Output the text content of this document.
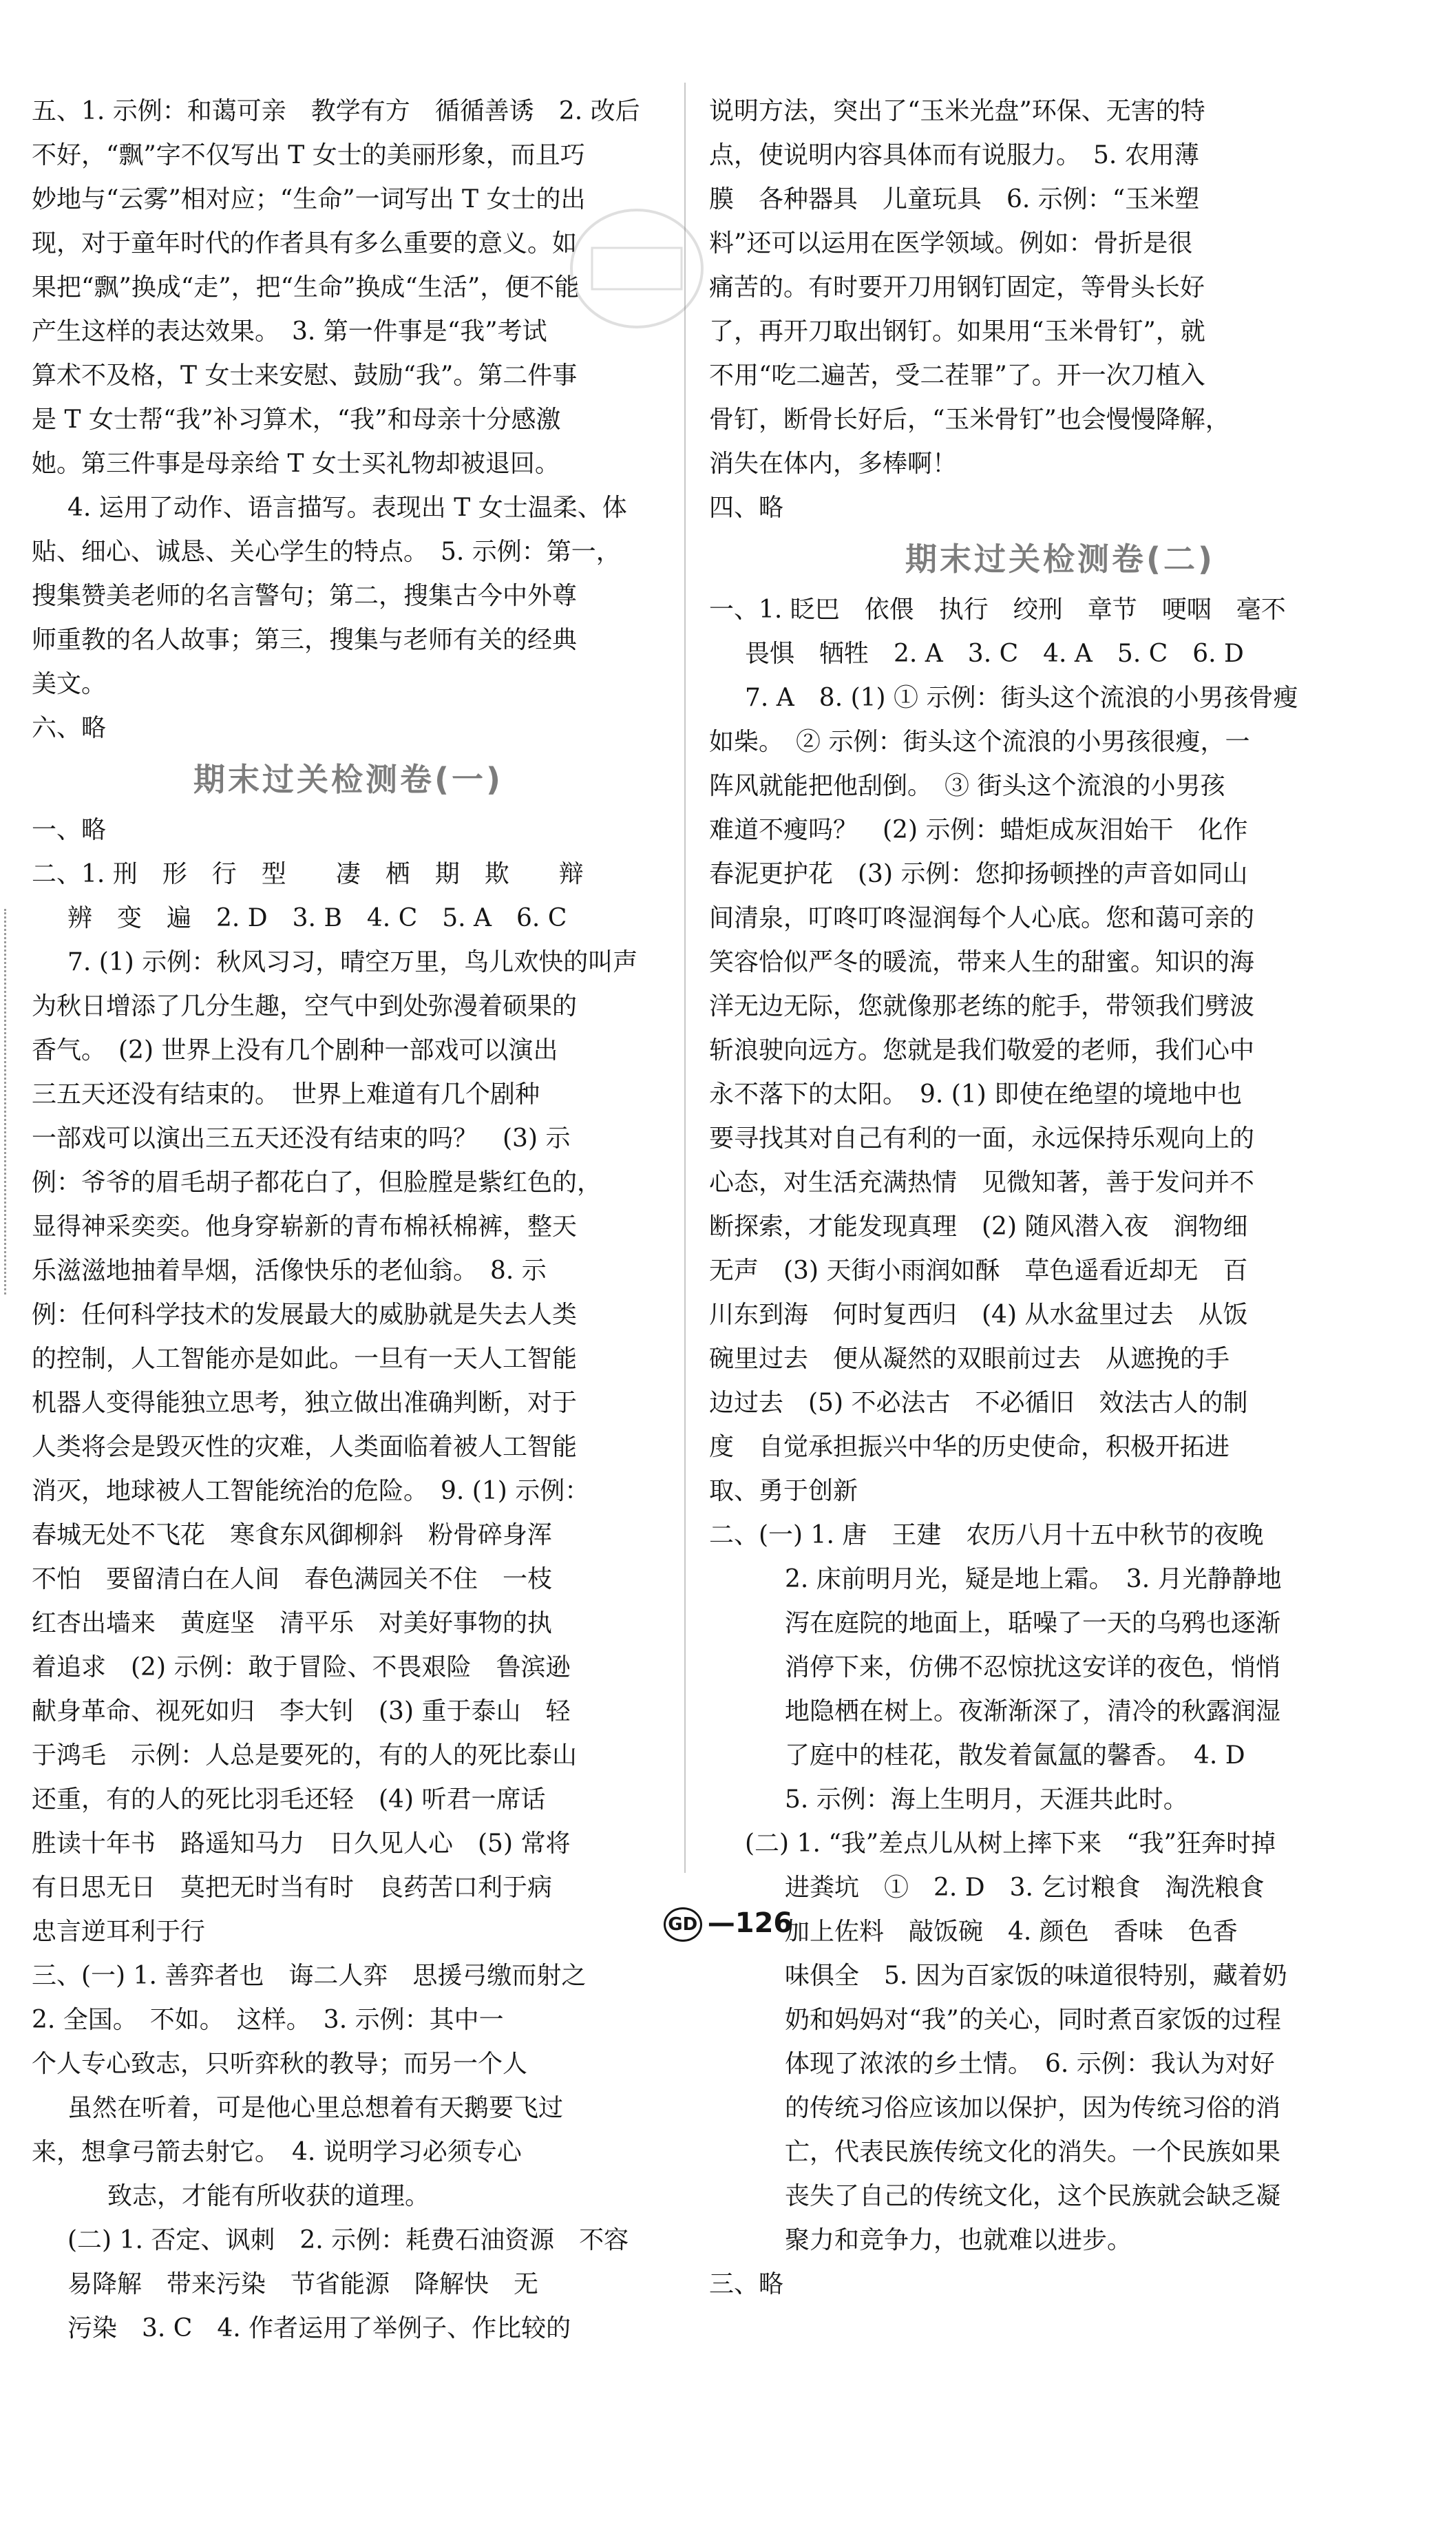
五、1. 示例：和蔼可亲　教学有方　循循善诱　2. 改后
不好，“飘”字不仅写出 T 女士的美丽形象，而且巧
妙地与“云雾”相对应；“生命”一词写出 T 女士的出
现，对于童年时代的作者具有多么重要的意义。如
果把“飘”换成“走”，把“生命”换成“生活”，便不能
产生这样的表达效果。　3. 第一件事是“我”考试
算术不及格，T 女士来安慰、鼓励“我”。第二件事
是 T 女士帮“我”补习算术，“我”和母亲十分感激
她。第三件事是母亲给 T 女士买礼物却被退回。
4. 运用了动作、语言描写。表现出 T 女士温柔、体
贴、细心、诚恳、关心学生的特点。　5. 示例：第一，
搜集赞美老师的名言警句；第二，搜集古今中外尊
师重教的名人故事；第三，搜集与老师有关的经典
美文。
六、略
期末过关检测卷(一)
一、略
二、1. 刑　形　行　型　　凄　栖　期　欺　　辩
辨　变　遍　2. D　3. B　4. C　5. A　6. C
7. (1) 示例：秋风习习，晴空万里，鸟儿欢快的叫声
为秋日增添了几分生趣，空气中到处弥漫着硕果的
香气。　(2) 世界上没有几个剧种一部戏可以演出
三五天还没有结束的。　世界上难道有几个剧种
一部戏可以演出三五天还没有结束的吗？　(3) 示
例：爷爷的眉毛胡子都花白了，但脸膛是紫红色的，
显得神采奕奕。他身穿崭新的青布棉袄棉裤，整天
乐滋滋地抽着旱烟，活像快乐的老仙翁。　8. 示
例：任何科学技术的发展最大的威胁就是失去人类
的控制，人工智能亦是如此。一旦有一天人工智能
机器人变得能独立思考，独立做出准确判断，对于
人类将会是毁灭性的灾难，人类面临着被人工智能
消灭，地球被人工智能统治的危险。　9. (1) 示例：
春城无处不飞花　寒食东风御柳斜　粉骨碎身浑
不怕　要留清白在人间　春色满园关不住　一枝
红杏出墙来　黄庭坚　清平乐　对美好事物的执
着追求　(2) 示例：敢于冒险、不畏艰险　鲁滨逊
献身革命、视死如归　李大钊　(3) 重于泰山　轻
于鸿毛　示例：人总是要死的，有的人的死比泰山
还重，有的人的死比羽毛还轻　(4) 听君一席话
胜读十年书　路遥知马力　日久见人心　(5) 常将
有日思无日　莫把无时当有时　良药苦口利于病
忠言逆耳利于行
三、(一) 1. 善弈者也　诲二人弈　思援弓缴而射之
2. 全国。　不如。　这样。　3. 示例：其中一
个人专心致志，只听弈秋的教导；而另一个人
虽然在听着，可是他心里总想着有天鹅要飞过
来，想拿弓箭去射它。　4. 说明学习必须专心
致志，才能有所收获的道理。
(二) 1. 否定、讽刺　2. 示例：耗费石油资源　不容
易降解　带来污染　节省能源　降解快　无
污染　3. C　4. 作者运用了举例子、作比较的
说明方法，突出了“玉米光盘”环保、无害的特
点，使说明内容具体而有说服力。　5. 农用薄
膜　各种器具　儿童玩具　6. 示例：“玉米塑
料”还可以运用在医学领域。例如：骨折是很
痛苦的。有时要开刀用钢钉固定，等骨头长好
了，再开刀取出钢钉。如果用“玉米骨钉”，就
不用“吃二遍苦，受二茬罪”了。开一次刀植入
骨钉，断骨长好后，“玉米骨钉”也会慢慢降解，
消失在体内，多棒啊！
四、略
期末过关检测卷(二)
一、1. 眨巴　依偎　执行　绞刑　章节　哽咽　毫不
畏惧　牺牲　2. A　3. C　4. A　5. C　6. D
7. A　8. (1) ① 示例：街头这个流浪的小男孩骨瘦
如柴。　② 示例：街头这个流浪的小男孩很瘦，一
阵风就能把他刮倒。　③ 街头这个流浪的小男孩
难道不瘦吗？　(2) 示例：蜡炬成灰泪始干　化作
春泥更护花　(3) 示例：您抑扬顿挫的声音如同山
间清泉，叮咚叮咚湿润每个人心底。您和蔼可亲的
笑容恰似严冬的暖流，带来人生的甜蜜。知识的海
洋无边无际，您就像那老练的舵手，带领我们劈波
斩浪驶向远方。您就是我们敬爱的老师，我们心中
永不落下的太阳。　9. (1) 即使在绝望的境地中也
要寻找其对自己有利的一面，永远保持乐观向上的
心态，对生活充满热情　见微知著，善于发问并不
断探索，才能发现真理　(2) 随风潜入夜　润物细
无声　(3) 天街小雨润如酥　草色遥看近却无　百
川东到海　何时复西归　(4) 从水盆里过去　从饭
碗里过去　便从凝然的双眼前过去　从遮挽的手
边过去　(5) 不必法古　不必循旧　效法古人的制
度　自觉承担振兴中华的历史使命，积极开拓进
取、勇于创新
二、(一) 1. 唐　王建　农历八月十五中秋节的夜晚
2. 床前明月光，疑是地上霜。　3. 月光静静地
泻在庭院的地面上，聒噪了一天的乌鸦也逐渐
消停下来，仿佛不忍惊扰这安详的夜色，悄悄
地隐栖在树上。夜渐渐深了，清冷的秋露润湿
了庭中的桂花，散发着氤氲的馨香。　4. D
5. 示例：海上生明月，天涯共此时。
(二) 1. “我”差点儿从树上摔下来　“我”狂奔时掉
进粪坑　①　2. D　3. 乞讨粮食　淘洗粮食
加上佐料　敲饭碗　4. 颜色　香味　色香
味俱全　5. 因为百家饭的味道很特别，藏着奶
奶和妈妈对“我”的关心，同时煮百家饭的过程
体现了浓浓的乡土情。　6. 示例：我认为对好
的传统习俗应该加以保护，因为传统习俗的消
亡，代表民族传统文化的消失。一个民族如果
丧失了自己的传统文化，这个民族就会缺乏凝
聚力和竞争力，也就难以进步。
三、略
GD —126
